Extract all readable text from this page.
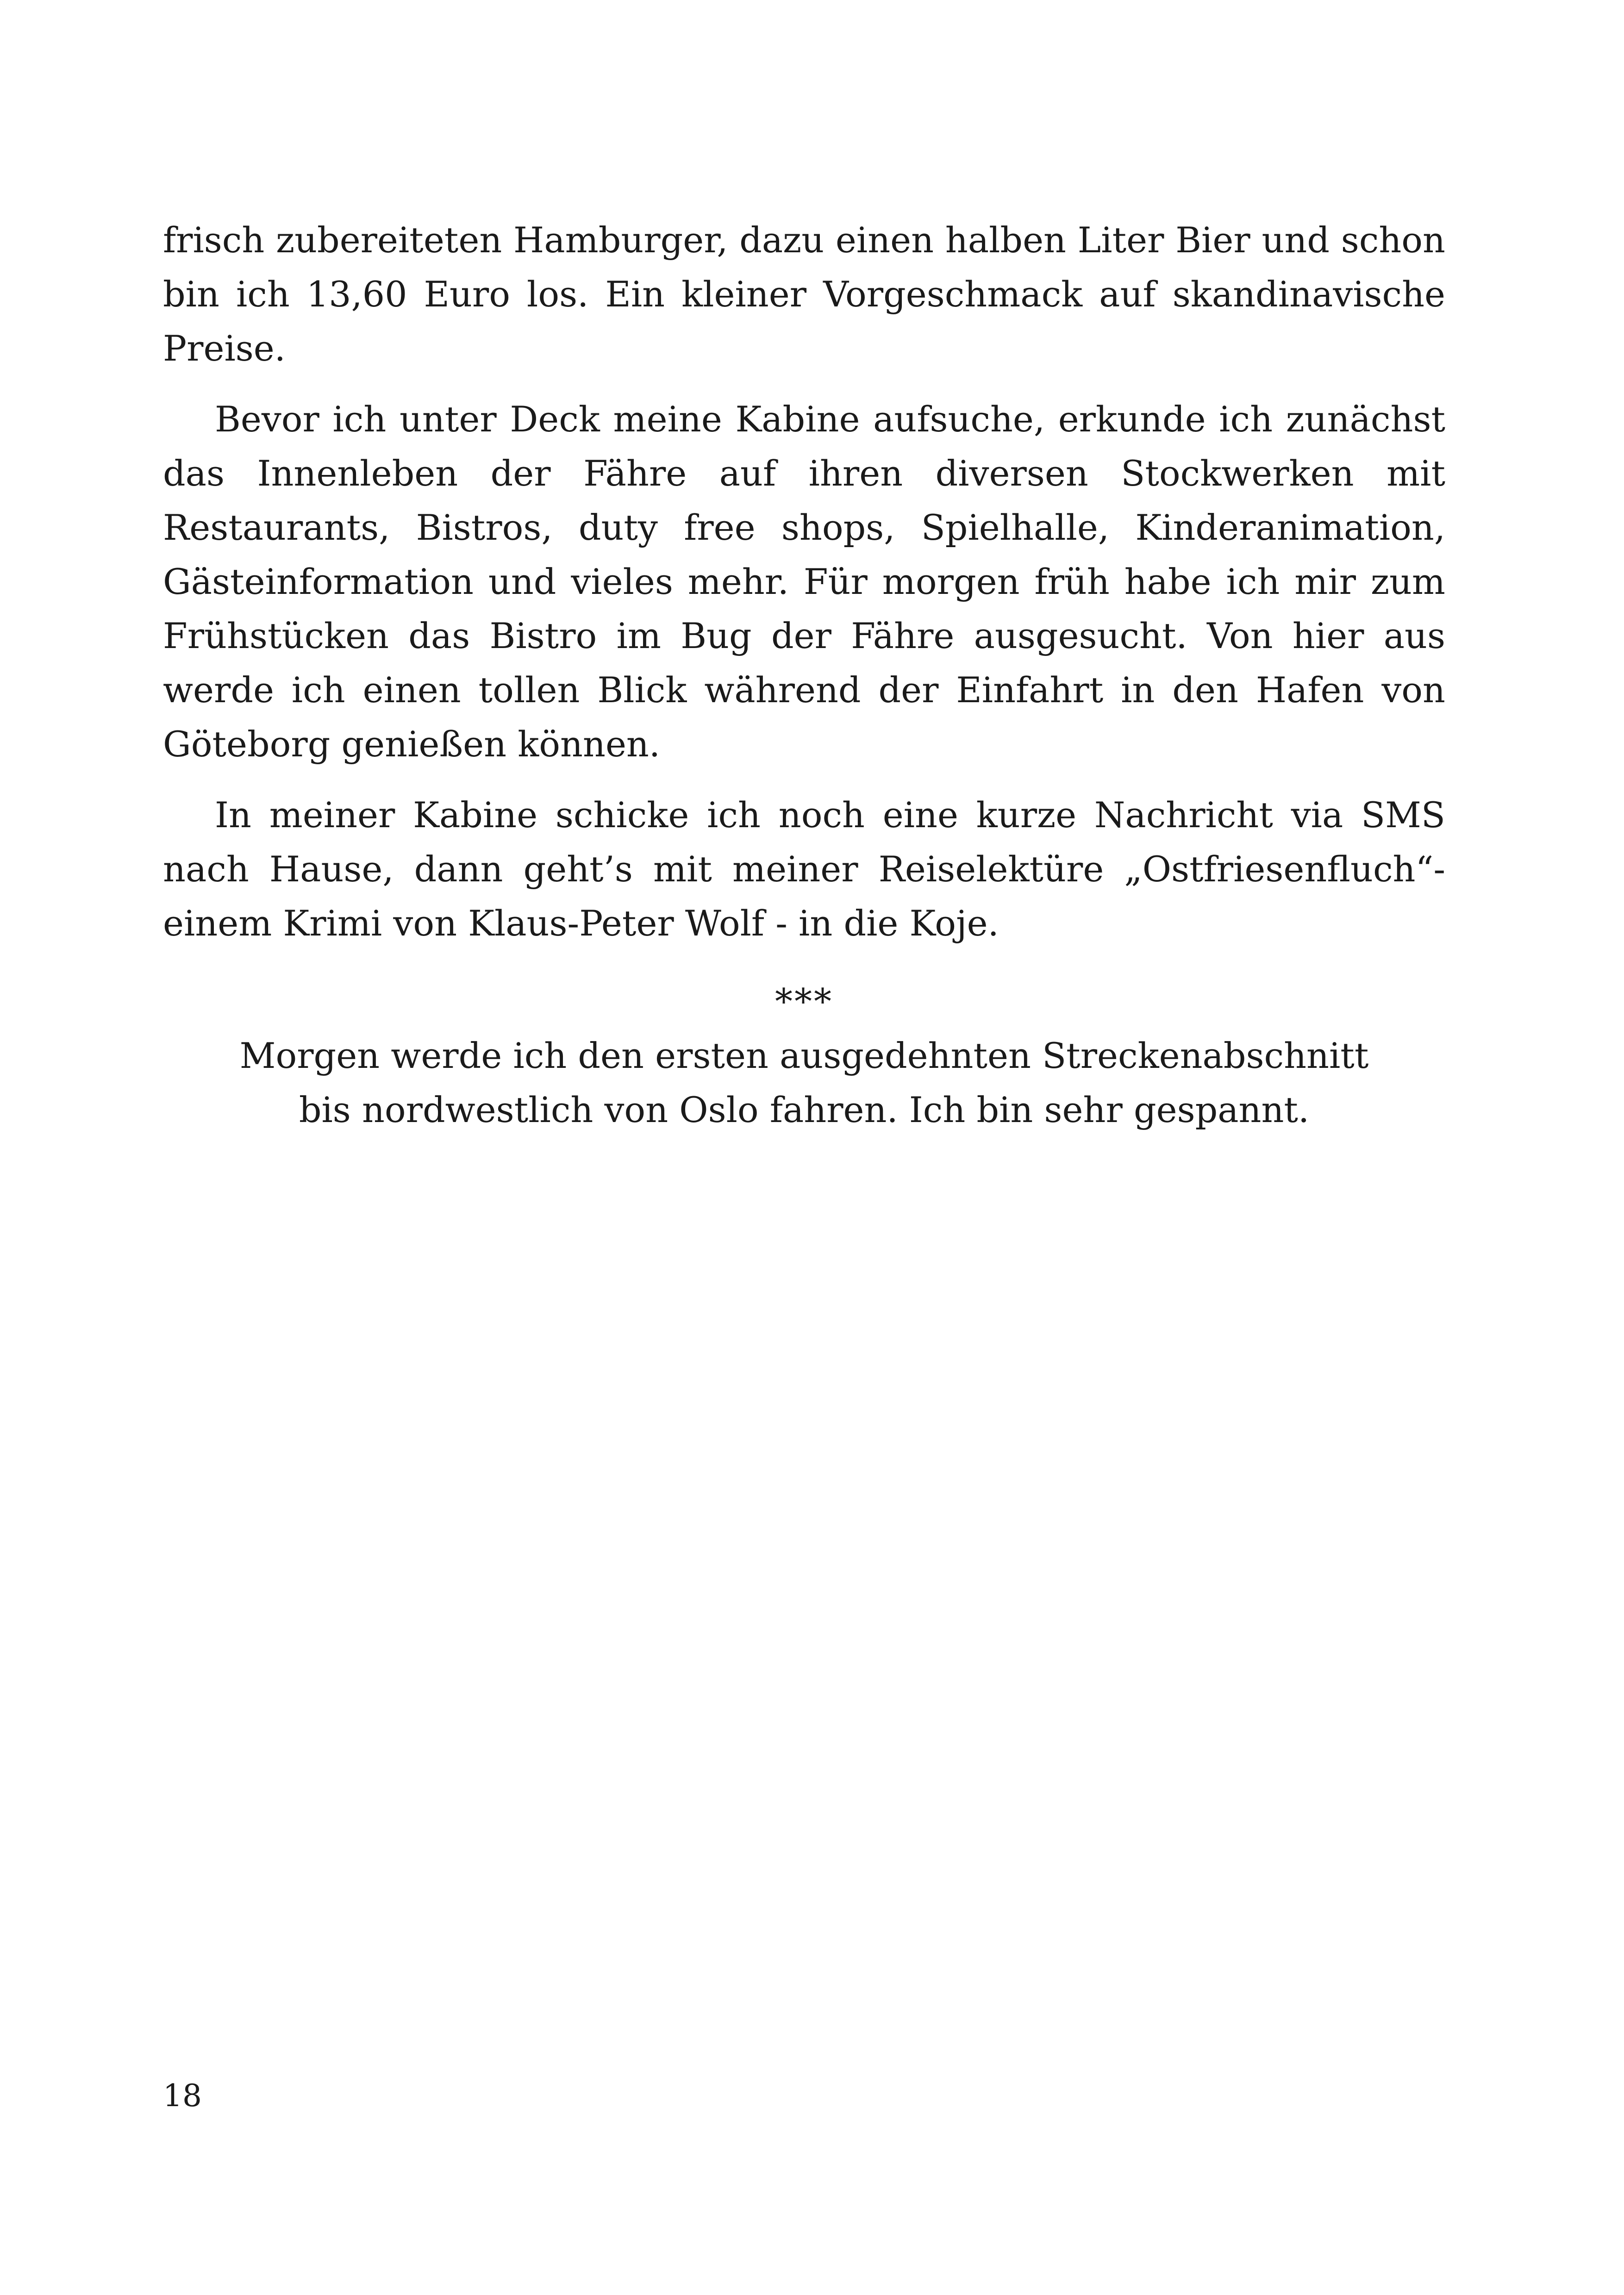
frisch zubereiteten Hamburger, dazu einen halben Liter Bier und schon bin ich 13,60 Euro los. Ein kleiner Vorgeschmack auf skandinavische Preise.

Bevor ich unter Deck meine Kabine aufsuche, erkunde ich zunächst das Innenleben der Fähre auf ihren diversen Stockwerken mit Restaurants, Bistros, duty free shops, Spielhalle, Kinderanimation, Gästeinformation und vieles mehr. Für morgen früh habe ich mir zum Frühstücken das Bistro im Bug der Fähre ausgesucht. Von hier aus werde ich einen tollen Blick während der Einfahrt in den Hafen von Göteborg genießen können.

In meiner Kabine schicke ich noch eine kurze Nachricht via SMS nach Hause, dann geht’s mit meiner Reiselektüre „Ostfriesenfluch“- einem Krimi von Klaus-Peter Wolf - in die Koje.

***

Morgen werde ich den ersten ausgedehnten Streckenabschnitt

bis nordwestlich von Oslo fahren. Ich bin sehr gespannt.

18
